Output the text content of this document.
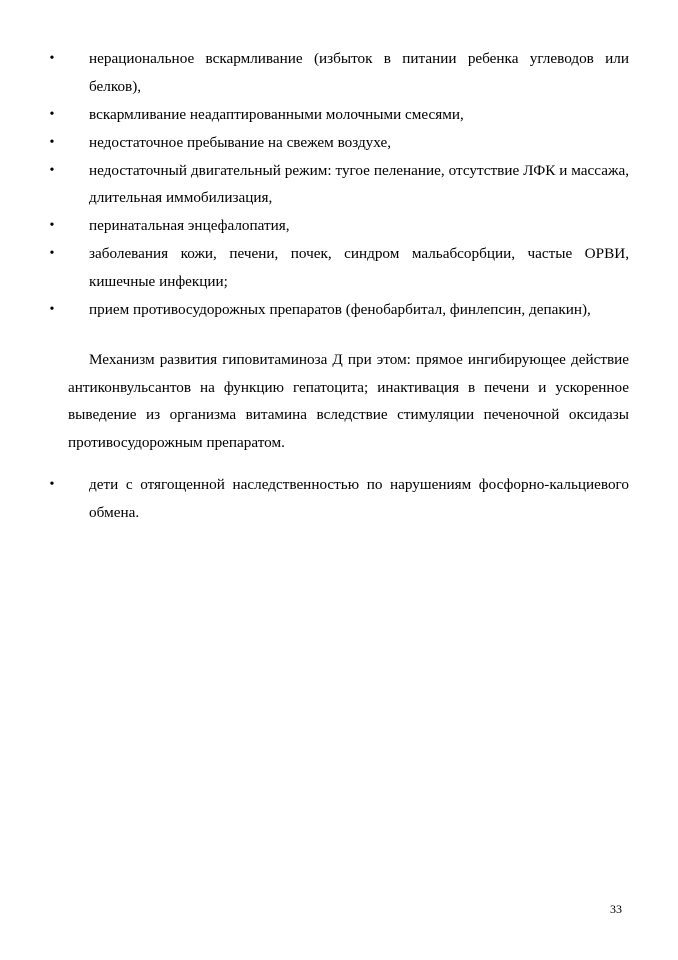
•	нерациональное вскармливание (избыток в питании ребенка углеводов или белков),
•	вскармливание неадаптированными молочными смесями,
•	недостаточное пребывание на свежем воздухе,
•	недостаточный двигательный режим: тугое пеленание, отсутствие ЛФК и массажа, длительная иммобилизация,
•	перинатальная энцефалопатия,
•	заболевания кожи, печени, почек, синдром мальабсорбции, частые ОРВИ, кишечные инфекции;
•	прием противосудорожных препаратов (фенобарбитал, финлепсин, депакин),

Механизм развития гиповитаминоза Д при этом: прямое ингибирующее действие антиконвульсантов на функцию гепатоцита; инактивация в печени и ускоренное выведение из организма витамина вследствие стимуляции печеночной оксидазы противосудорожным препаратом.

•	дети с отягощенной наследственностью по нарушениям фосфорно-кальциевого обмена.
33
